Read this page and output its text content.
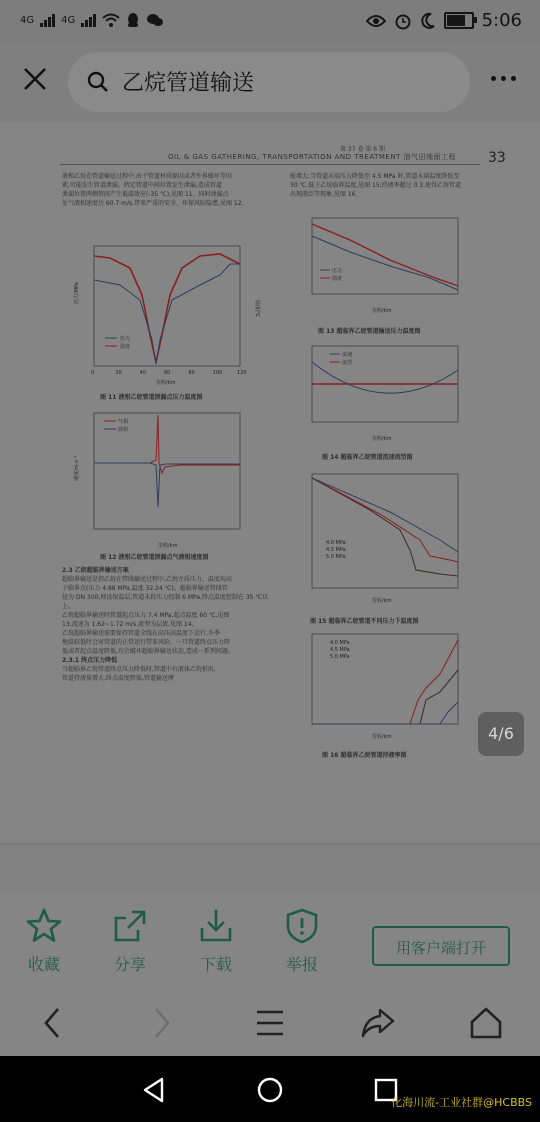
4G	4G	5:06
乙烷管道输送
第 37 卷 第 6 期
OIL & GAS GATHERING, TRANSPORTATION AND TREATMENT 油气田地面工程 33
液相乙烷在管道输送过程中,由于管道材质原因或者外界破坏等因
素,可能发生管道泄漏。假定管道中间位置发生泄漏,造成管道
泄漏位置两侧管段产生低温效应(-35 ℃),见图 11。同时泄漏点
处气液相速度达 60.7 m/s,带来严重的安全、环保风险隐患,见图 12。
能增大;当管道末端压力降低至 4.5 MPa 时,管道末端温度降低至
30 ℃,低于乙烷临界温度,见图 15;持液率超过 0.3,使得乙烷管道
出现液泛等现象,见图 16。
压力
温度
里程/km
压力/MPa
温度/℃
0	20	40	60	80	100	120
图 11 液相乙烷管道泄漏点压力温度图
气相
液相
里程/km
速度/m·s⁻¹
图 12 液相乙烷管道泄漏点气液相速度图
2.3 乙烷超临界输送方案
超临界输送是指乙烷在管线输送过程中,乙烷介质压力、温度均高
于临界点(压力 4.88 MPa,温度 32.24 ℃)。超临界输送管线管
径为 DN 300,埋设保温层,管道末段压力控制 6 MPa,终点温度控制在 35 ℃以上。
乙烷超临界输送时管道起点压力 7.4 MPa,起点温度 60 ℃,见图
13;流速为 1.62~1.72 m/s,流型为层流,见图 14。
乙烷超临界输送需要保持管道全线在高压高温度下运行,冬季
地温较低时会对管道的正常运行带来风险。一旦管道终点压力降
低或者起点温度降低,均会破坏超临界输送状态,造成一系列问题。
2.3.1 终点压力降低
当超临界乙烷管道终点压力降低时,管道中有液体乙烷析出,
管道持液量增大,终点温度降低,管道输送摩
压力
温度
里程/km
图 13 超临界乙烷管道输送压力温度图
流速
流型
里程/km
图 14 超临界乙烷管道流速流型图
4.0 MPa
4.5 MPa
5.0 MPa
里程/km
图 15 超临界乙烷管道不同压力下温度图
4.0 MPa
4.5 MPa
5.0 MPa
里程/km
图 16 超临界乙烷管道持液率图
4/6
收藏	分享	下载	举报
用客户端打开
化海川流-工业社群@HCBBS
